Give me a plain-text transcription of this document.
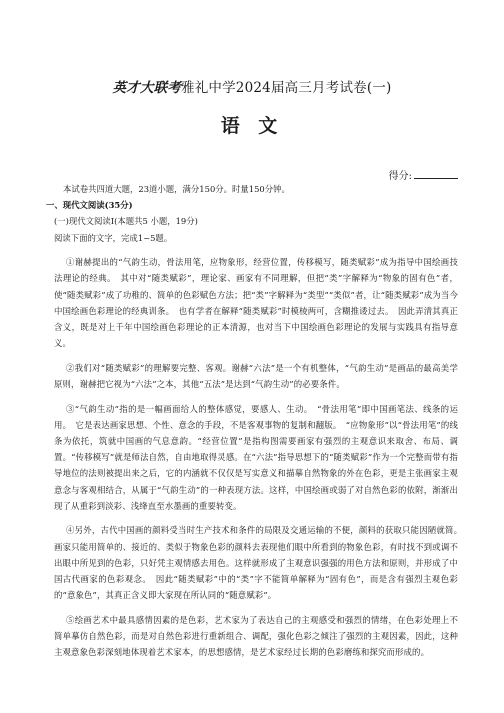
英才大联考雅礼中学2024届高三月考试卷(一)
语 文
得分:

本试卷共四道大题，23道小题，满分150分。时量150分钟。

一、现代文阅读(35分)

(一)现代文阅读Ⅰ(本题共5 小题，19分)

阅读下面的文字，完成1~5题。

①谢赫提出的“气韵生动，骨法用笔，应物象形，经营位置，传移模写，随类赋彩”成为指导中国绘画技法理论的经典。　其中对“随类赋彩”，理论家、画家有不同理解，但把“类”字解释为“物象的固有色”者，使“随类赋彩”成了功稚的、简单的色彩赋色方法；把“类”字解释为“类型”“类似”者，让“随类赋彩”成为当今中国绘画色彩理论的经典训条。　也有学者在解释“随类赋彩”时模棱两可，含糊推诿过去。　因此弄清其真正含义，既是对上千年中国绘画色彩理论的正本清源，也对当下中国绘画色彩理论的发展与实践具有指导意义。

②我们对“随类赋彩”的理解要完整、客观。谢赫“六法”是一个有机整体，“气韵生动”是画品的最高美学原则，谢赫把它视为“六法”之本，其他“五法”是达到“气韵生动”的必要条件。

③“气韵生动”指的是一幅画面给人的整体感觉，要感人、生动。　“骨法用笔”即中国画笔法、线条的运用。　它是表达画家思想、个性、意念的手段，不是客观事物的复制和翻版。　“应物象形”以“骨法用笔”的线条为依托，筑就中国画的气息意韵。“经营位置”是指构图需要画家有强烈的主观意识来取舍、布局、调置。“传移模写”就是师法自然，自由地取得灵感。在“六法”指导思想下的“随类赋彩”作为一个完整而带有指导地位的法则被提出来之后，它的内涵就不仅仅是写实意义和描摹自然物象的外在色彩，更是主张画家主观意念与客观相结合，从属于“气韵生动”的一种表现方法。这样，中国绘画或弱了对自然色彩的依附，渐渐出现了从重彩到淡彩、浅绛直至水墨画的重要转变。

④另外，古代中国画的颜料受当时生产技术和条件的局限及交通运输的不便，颜料的获取只能因陋就简。　画家只能用简单的、接近的、类似于物象色彩的颜料去表现他们眼中所看到的物象色彩，有时找不到或调不出眼中所见到的色彩，只好凭主观情感去用色。这样就形成了主观意识强强的用色方法和原则，并形成了中国古代画家的色彩观念。　因此“随类赋彩”中的“类”字不能简单解释为“固有色”，而是含有强烈主观色彩的“意象色”，其真正含义即大家现在所认同的“随意赋彩”。

⑤绘画艺术中最具感情因素的是色彩，艺术家为了表达自己的主观感受和强烈的情绪，在色彩处理上不简单摹仿自然色彩，而是对自然色彩进行重新组合、调配，强化色彩之倾注了强烈的主观因素，因此，这种主观意象色彩深刻地体现着艺术家本，的思想感情，是艺术家经过长期的色彩磨练和探究而形成的。
